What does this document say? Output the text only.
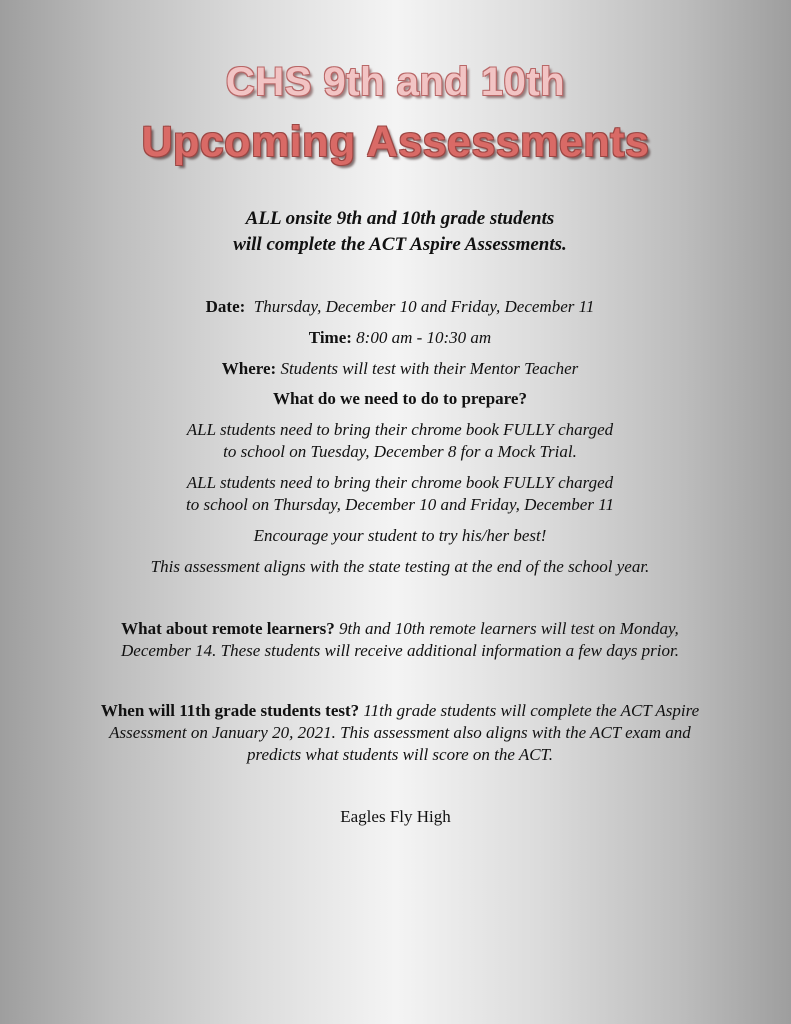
CHS 9th and 10th
Upcoming Assessments
ALL onsite 9th and 10th grade students
will complete the ACT Aspire Assessments.
Date: Thursday, December 10 and Friday, December 11
Time: 8:00 am - 10:30 am
Where: Students will test with their Mentor Teacher
What do we need to do to prepare?
ALL students need to bring their chrome book FULLY charged
to school on Tuesday, December 8 for a Mock Trial.
ALL students need to bring their chrome book FULLY charged
to school on Thursday, December 10 and Friday, December 11
Encourage your student to try his/her best!
This assessment aligns with the state testing at the end of the school year.
What about remote learners? 9th and 10th remote learners will test on Monday,
December 14. These students will receive additional information a few days prior.
When will 11th grade students test? 11th grade students will complete the ACT Aspire
Assessment on January 20, 2021. This assessment also aligns with the ACT exam and
predicts what students will score on the ACT.
Eagles Fly High
